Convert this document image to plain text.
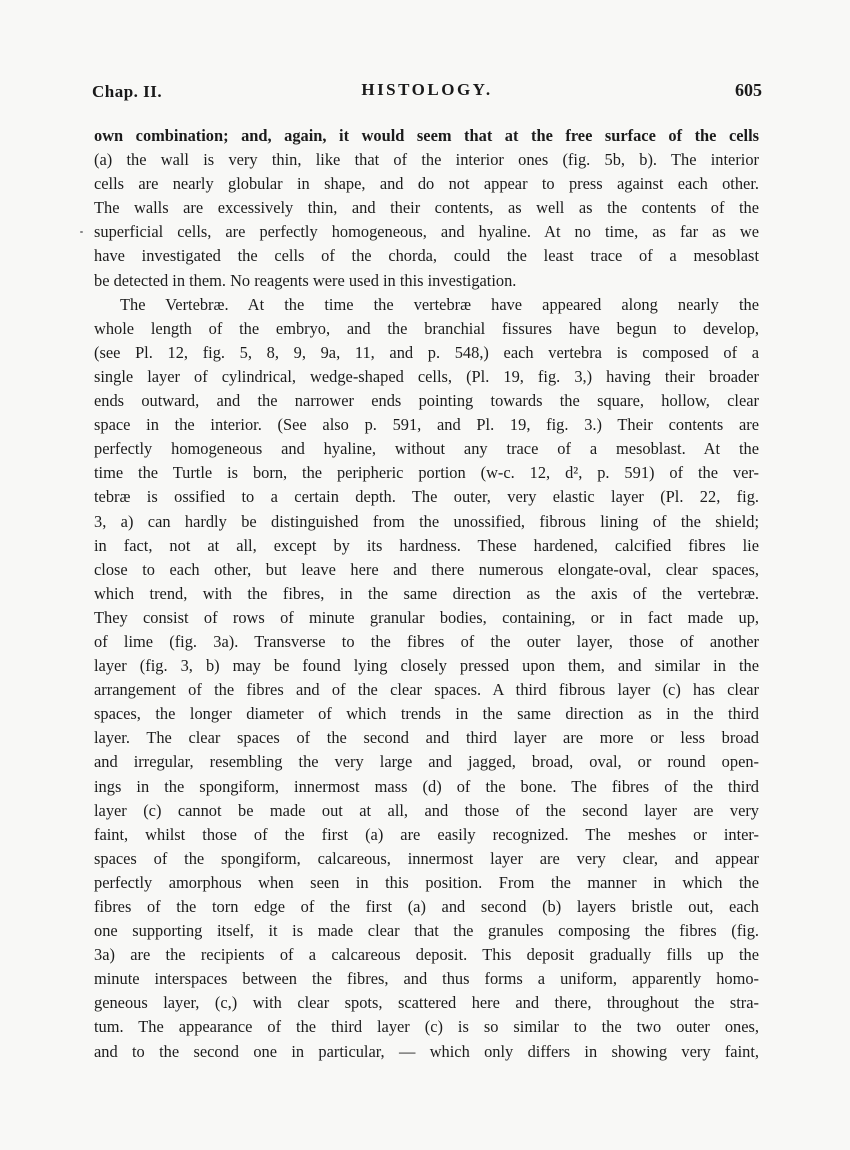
Chap. II.	HISTOLOGY.	605
own combination; and, again, it would seem that at the free surface of the cells
(a) the wall is very thin, like that of the interior ones (fig. 5b, b). The interior
cells are nearly globular in shape, and do not appear to press against each other.
The walls are excessively thin, and their contents, as well as the contents of the
superficial cells, are perfectly homogeneous, and hyaline. At no time, as far as we
have investigated the cells of the chorda, could the least trace of a mesoblast
be detected in them. No reagents were used in this investigation.
The Vertebræ. At the time the vertebræ have appeared along nearly the
whole length of the embryo, and the branchial fissures have begun to develop,
(see Pl. 12, fig. 5, 8, 9, 9a, 11, and p. 548,) each vertebra is composed of a
single layer of cylindrical, wedge-shaped cells, (Pl. 19, fig. 3,) having their broader
ends outward, and the narrower ends pointing towards the square, hollow, clear
space in the interior. (See also p. 591, and Pl. 19, fig. 3.) Their contents are
perfectly homogeneous and hyaline, without any trace of a mesoblast. At the
time the Turtle is born, the peripheric portion (w-c. 12, d², p. 591) of the ver-
tebræ is ossified to a certain depth. The outer, very elastic layer (Pl. 22, fig.
3, a) can hardly be distinguished from the unossified, fibrous lining of the shield;
in fact, not at all, except by its hardness. These hardened, calcified fibres lie
close to each other, but leave here and there numerous elongate-oval, clear spaces,
which trend, with the fibres, in the same direction as the axis of the vertebræ.
They consist of rows of minute granular bodies, containing, or in fact made up,
of lime (fig. 3a). Transverse to the fibres of the outer layer, those of another
layer (fig. 3, b) may be found lying closely pressed upon them, and similar in the
arrangement of the fibres and of the clear spaces. A third fibrous layer (c) has clear
spaces, the longer diameter of which trends in the same direction as in the third
layer. The clear spaces of the second and third layer are more or less broad
and irregular, resembling the very large and jagged, broad, oval, or round open-
ings in the spongiform, innermost mass (d) of the bone. The fibres of the third
layer (c) cannot be made out at all, and those of the second layer are very
faint, whilst those of the first (a) are easily recognized. The meshes or inter-
spaces of the spongiform, calcareous, innermost layer are very clear, and appear
perfectly amorphous when seen in this position. From the manner in which the
fibres of the torn edge of the first (a) and second (b) layers bristle out, each
one supporting itself, it is made clear that the granules composing the fibres (fig.
3a) are the recipients of a calcareous deposit. This deposit gradually fills up the
minute interspaces between the fibres, and thus forms a uniform, apparently homo-
geneous layer, (c,) with clear spots, scattered here and there, throughout the stra-
tum. The appearance of the third layer (c) is so similar to the two outer ones,
and to the second one in particular, — which only differs in showing very faint,
